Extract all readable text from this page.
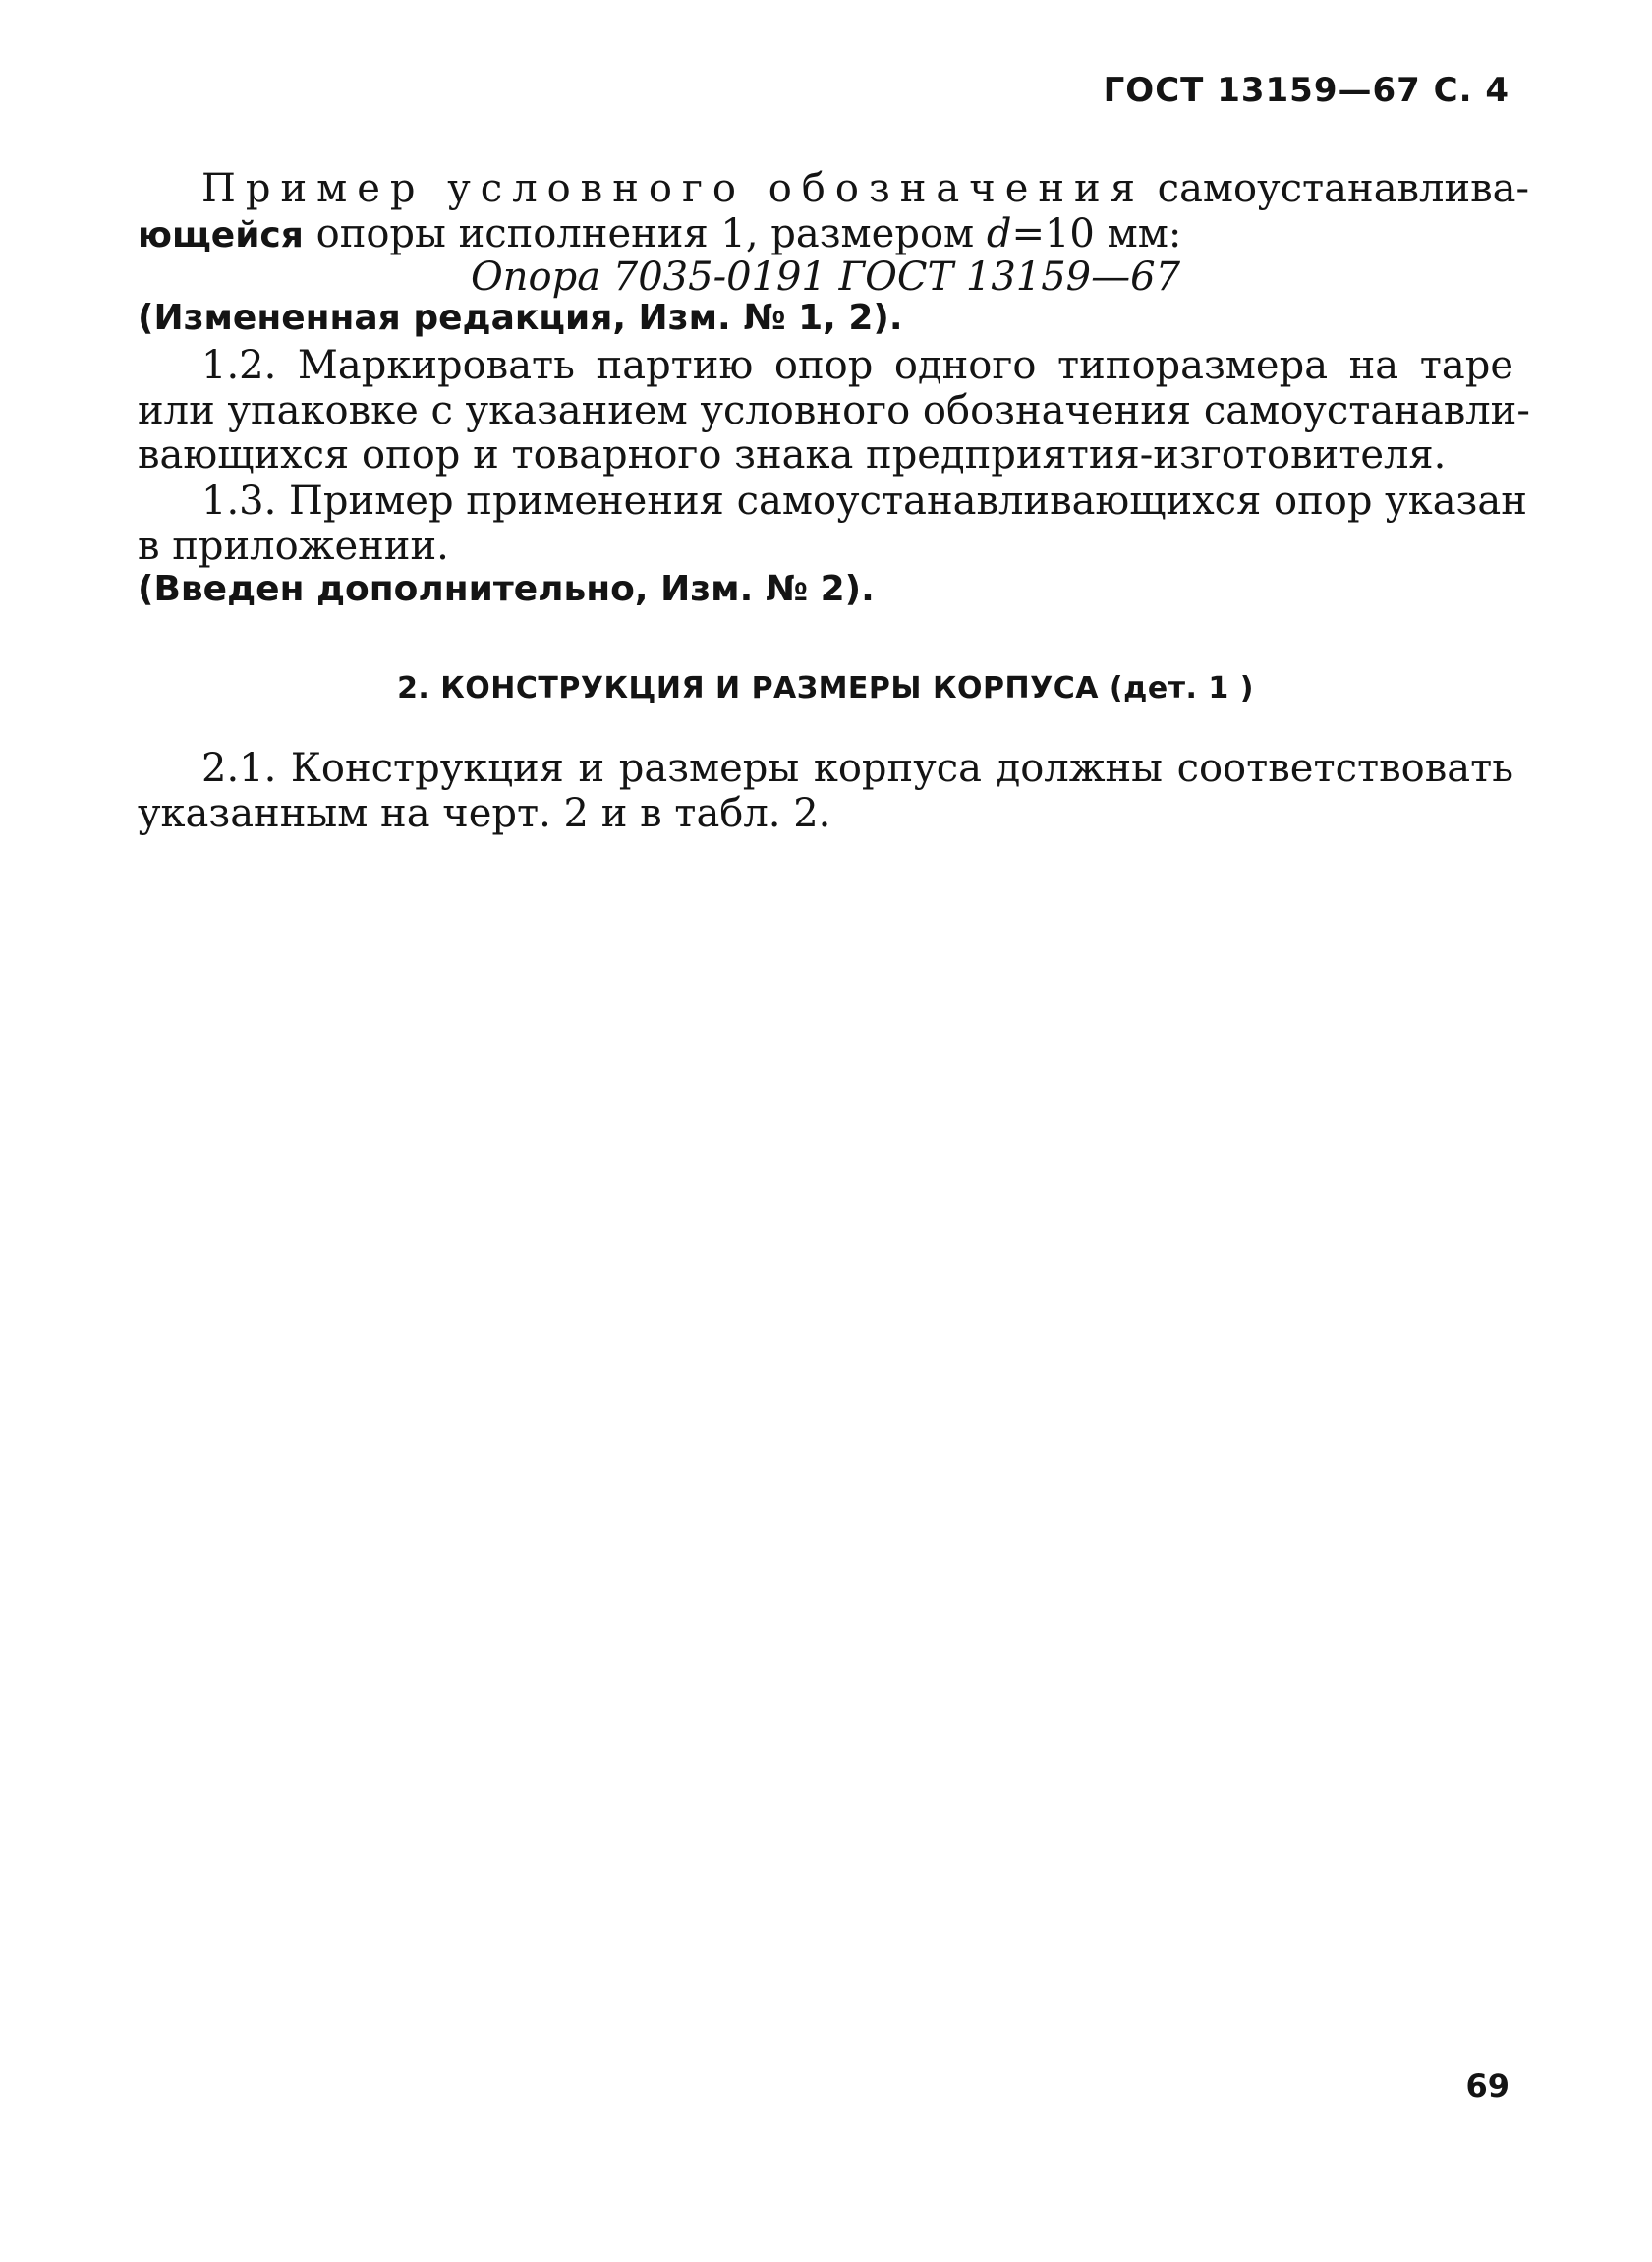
ГОСТ 13159—67 С. 4
Пример условного обозначения самоустанавлива-
ющейся опоры исполнения 1, размером d=10 мм:
Опора 7035-0191 ГОСТ 13159—67
(Измененная редакция, Изм. № 1, 2).
1.2. Маркировать партию опор одного типоразмера на таре
или упаковке с указанием условного обозначения самоустанавли-
вающихся опор и товарного знака предприятия-изготовителя.
1.3. Пример применения самоустанавливающихся опор указан
в приложении.
(Введен дополнительно, Изм. № 2).
2. КОНСТРУКЦИЯ И РАЗМЕРЫ КОРПУСА (дет. 1 )
2.1. Конструкция и размеры корпуса должны соответствовать
указанным на черт. 2 и в табл. 2.
69
